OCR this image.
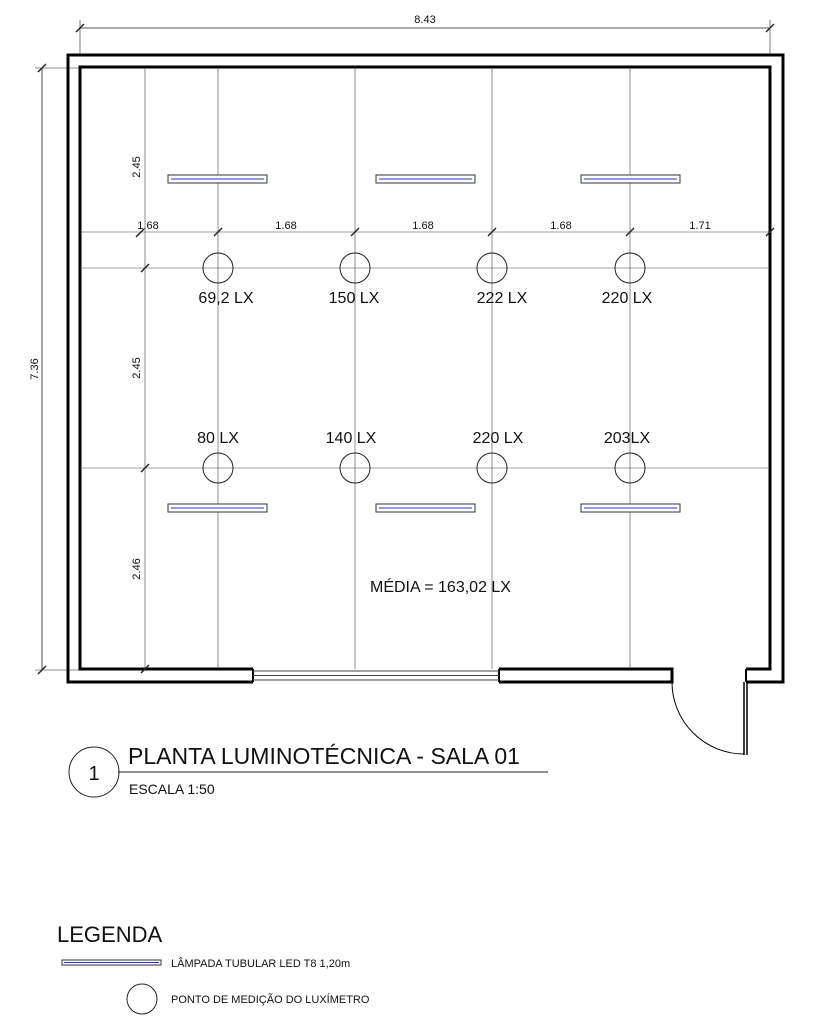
8.43
7.36
1.68	1.68	1.68	1.68	1.71
2.45
2.45
2.46
69,2 LX	150 LX	222 LX	220 LX
80 LX	140 LX	220 LX	203LX
MÉDIA = 163,02 LX
1
PLANTA LUMINOTÉCNICA - SALA 01
ESCALA 1:50
LEGENDA
LÂMPADA TUBULAR LED T8 1,20m
PONTO DE MEDIÇÃO DO LUXÍMETRO
